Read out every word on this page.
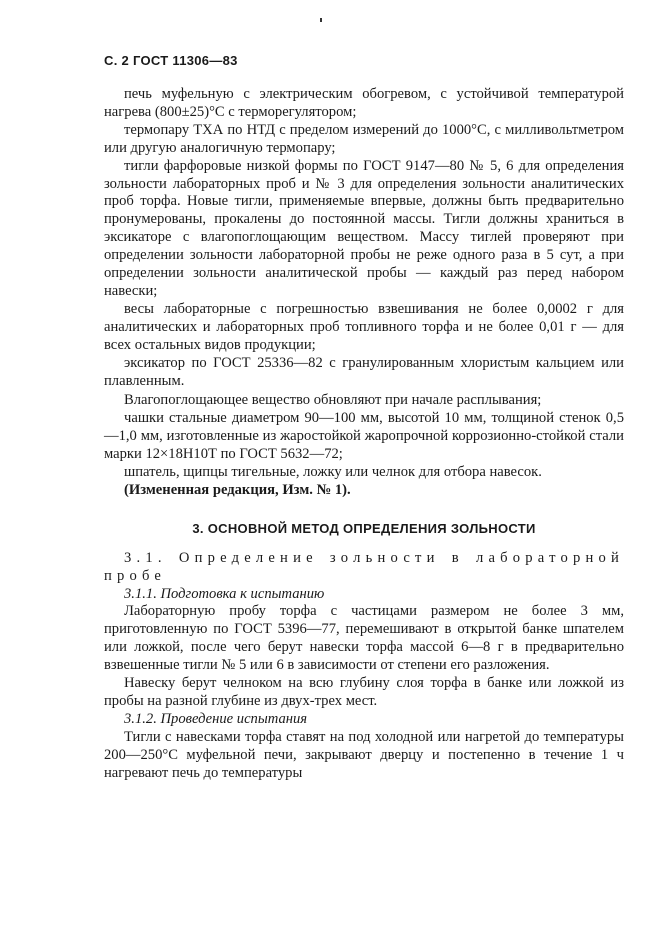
С. 2 ГОСТ 11306—83

печь муфельную с электрическим обогревом, с устойчивой температурой нагрева (800±25)°С с терморегулятором;

термопару ТХА по НТД с пределом измерений до 1000°С, с милливольтметром или другую аналогичную термопару;

тигли фарфоровые низкой формы по ГОСТ 9147—80 № 5, 6 для определения зольности лабораторных проб и № 3 для определения зольности аналитических проб торфа. Новые тигли, применяемые впервые, должны быть предварительно пронумерованы, прокалены до постоянной массы. Тигли должны храниться в эксикаторе с влагопоглощающим веществом. Массу тиглей проверяют при определении зольности лабораторной пробы не реже одного раза в 5 сут, а при определении зольности аналитической пробы — каждый раз перед набором навески;

весы лабораторные с погрешностью взвешивания не более 0,0002 г для аналитических и лабораторных проб топливного торфа и не более 0,01 г — для всех остальных видов продукции;

эксикатор по ГОСТ 25336—82 с гранулированным хлористым кальцием или плавленным.

Влагопоглощающее вещество обновляют при начале расплывания;

чашки стальные диаметром 90—100 мм, высотой 10 мм, толщиной стенок 0,5—1,0 мм, изготовленные из жаростойкой жаропрочной коррозионно-стойкой стали марки 12×18Н10Т по ГОСТ 5632—72;

шпатель, щипцы тигельные, ложку или челнок для отбора навесок.

(Измененная редакция, Изм. № 1).

3. ОСНОВНОЙ МЕТОД ОПРЕДЕЛЕНИЯ ЗОЛЬНОСТИ

3.1. Определение зольности в лабораторной пробе

3.1.1. Подготовка к испытанию

Лабораторную пробу торфа с частицами размером не более 3 мм, приготовленную по ГОСТ 5396—77, перемешивают в открытой банке шпателем или ложкой, после чего берут навески торфа массой 6—8 г в предварительно взвешенные тигли № 5 или 6 в зависимости от степени его разложения.

Навеску берут челноком на всю глубину слоя торфа в банке или ложкой из пробы на разной глубине из двух-трех мест.

3.1.2. Проведение испытания

Тигли с навесками торфа ставят на под холодной или нагретой до температуры 200—250°С муфельной печи, закрывают дверцу и постепенно в течение 1 ч нагревают печь до температуры
